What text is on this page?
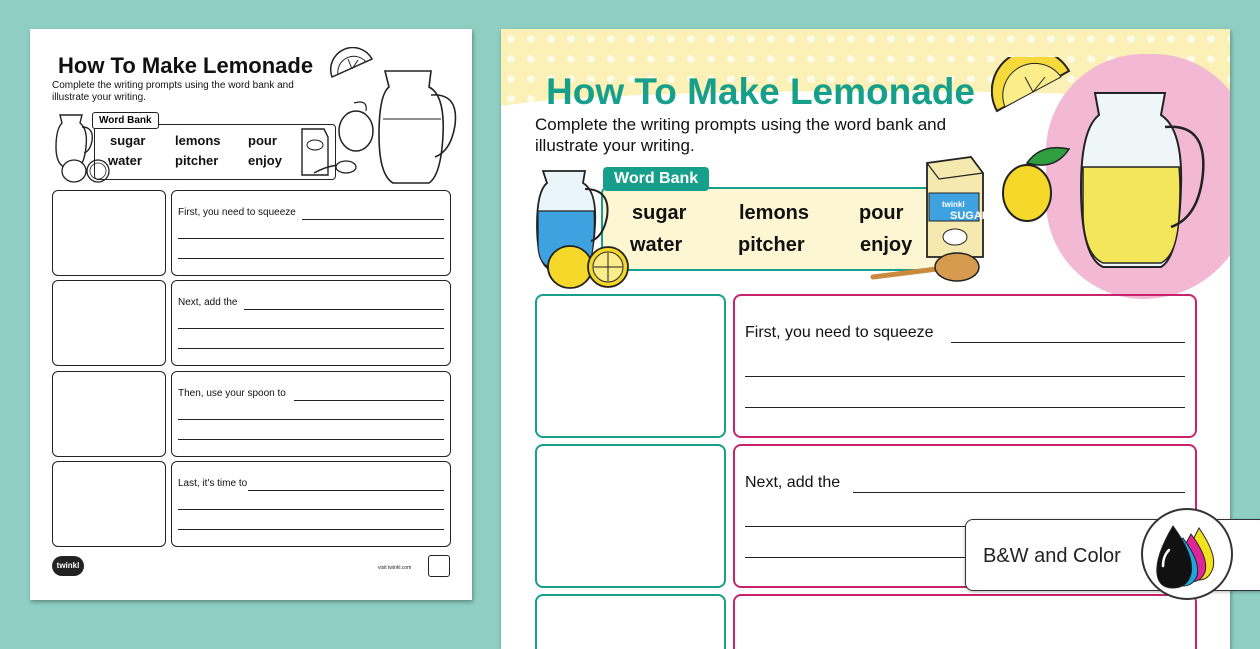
How To Make Lemonade
Complete the writing prompts using the word bank and illustrate your writing.
Word Bank
sugar lemons pour
water	pitcher enjoy
First, you need to squeeze
Next, add the
Then, use your spoon to
Last, it's time to
twinkl	visit twinkl.com
How To Make Lemonade
Complete the writing prompts using the word bank and illustrate your writing.
Word Bank
sugar	lemons pour
water	pitcher	enjoy
twinkl
SUGAR
First, you need to squeeze
Next, add the
B&W and Color
